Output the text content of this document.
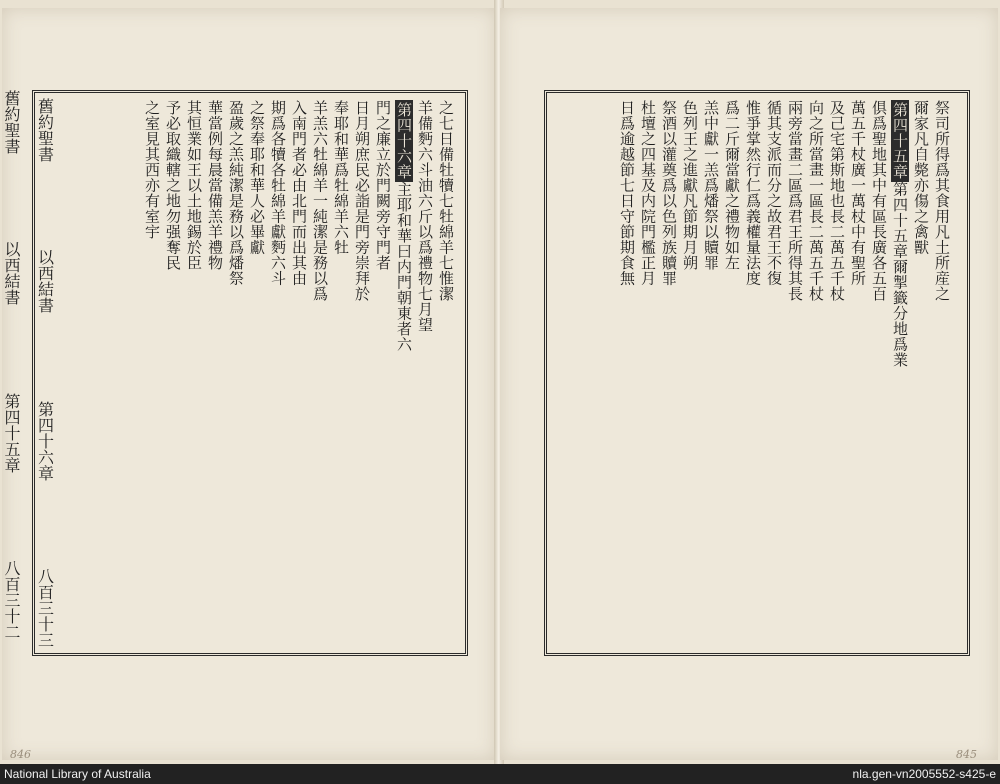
舊約聖書
以西結書
第四十六章
八百三十三
之七日備牡犢七牡綿羊七惟潔
羊備麪六斗油六斤以爲禮物七月望
第四十六章主耶和華曰内門朝東者六
門之廉立於門闕旁守門者
日月朔庶民必詣是門旁崇拜於
奉耶和華爲牡綿羊六牡
羊羔六牡綿羊一純潔是務以爲
入南門者必由北門而出其由
期爲各犢各牡綿羊獻麪六斗
之祭奉耶和華人必畢獻
盈歲之羔純潔是務以爲燔祭
華當例每晨當備羔羊禮物
其恒業如王以土地錫於臣
予必取織轄之地勿强奪民
之室見其西亦有室宇
846
祭司所得爲其食用凡土所産之
爾家凡自斃亦傷之禽獸
第四十五章第四十五章爾掣籤分地爲業
俱爲聖地其中有區長廣各五百
萬五千杖廣一萬杖中有聖所
及己宅第斯地也長二萬五千杖
向之所當畫一區長二萬五千杖
兩旁當畫二區爲君王所得其長
循其支派而分之故君王不復
惟爭掌然行仁爲義權量法度
爲二斤爾當獻之禮物如左
羔中獻一羔爲燔祭以贖罪
色列王之進獻凡節期月朔
祭酒以灌奠爲以色列族贖罪
杜壇之四基及内院門檻正月
日爲逾越節七日守節期食無
845
舊約聖書
以西結書
第四十五章
八百三十二
National Library of Australia	nla.gen-vn2005552-s425-e
